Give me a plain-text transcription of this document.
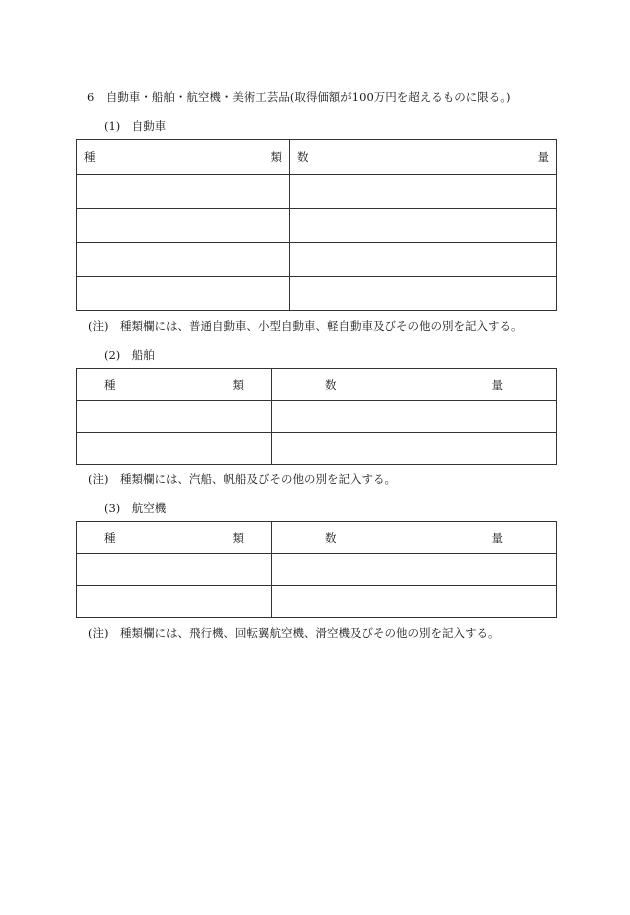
6 自動車・船舶・航空機・美術工芸品(取得価額が100万円を超えるものに限る。)
(1) 自動車
種 類	数 量

(注) 種類欄には、普通自動車、小型自動車、軽自動車及びその他の別を記入する。
(2) 船舶
種 類	数 量

(注) 種類欄には、汽船、帆船及びその他の別を記入する。
(3) 航空機
種 類	数 量

(注) 種類欄には、飛行機、回転翼航空機、滑空機及びその他の別を記入する。
